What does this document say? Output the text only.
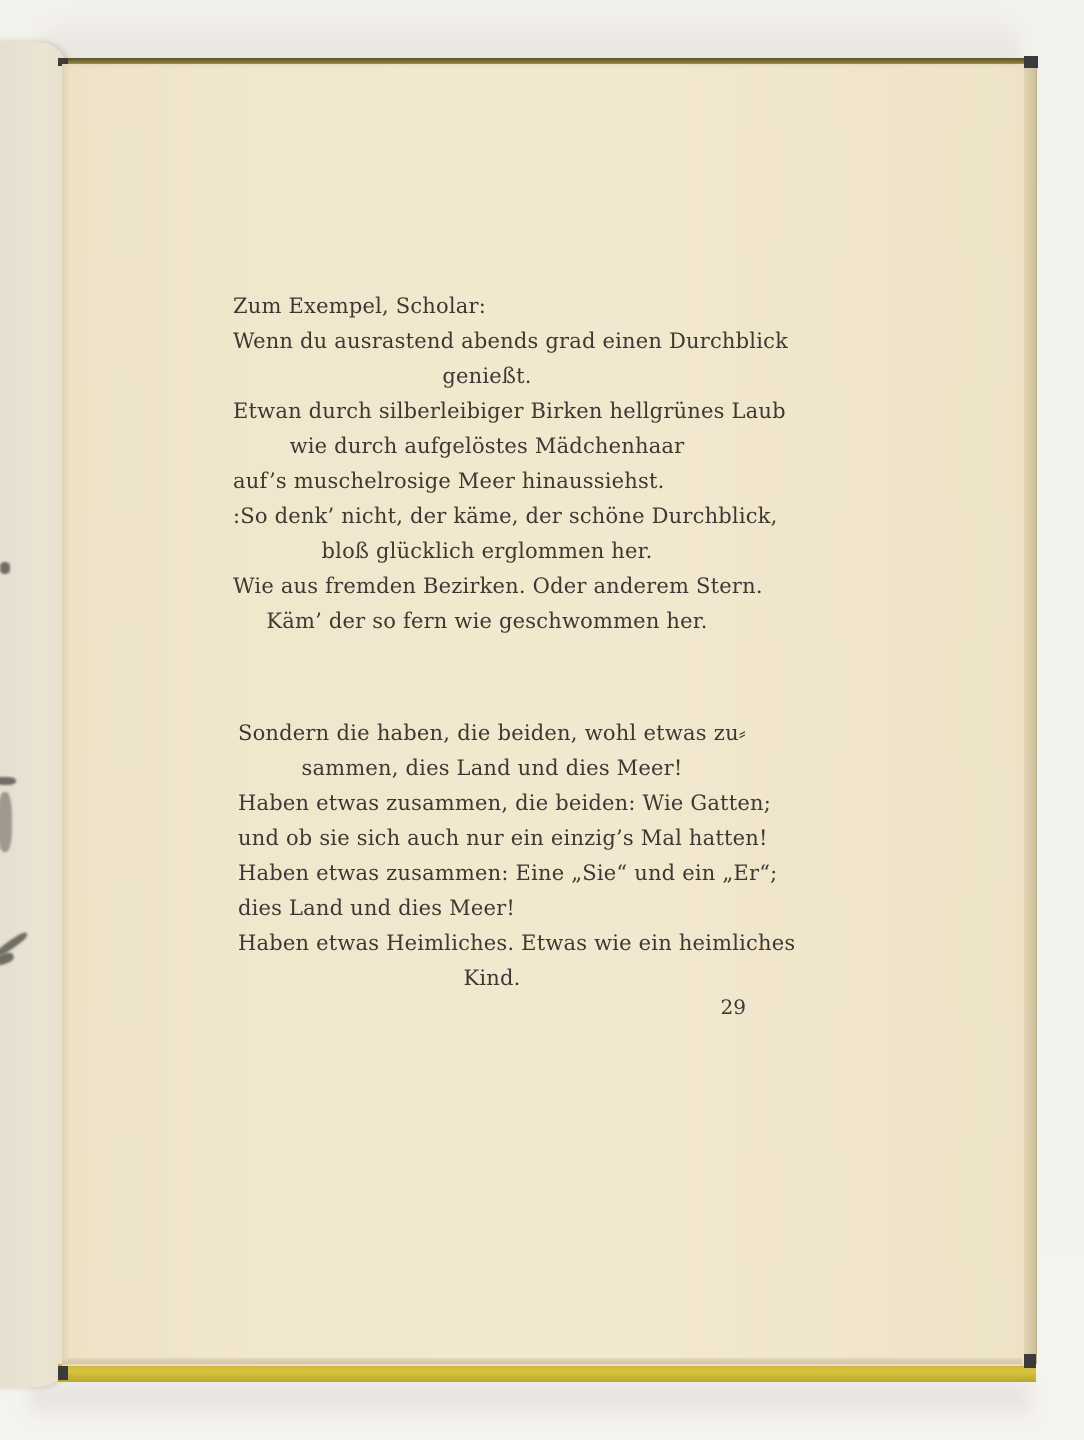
Zum Exempel, Scholar:
Wenn du ausrastend abends grad einen Durchblick
genießt.
Etwan durch silberleibiger Birken hellgrünes Laub
wie durch aufgelöstes Mädchenhaar
auf’s muschelrosige Meer hinaussiehst.
:So denk’ nicht, der käme, der schöne Durchblick,
bloß glücklich erglommen her.
Wie aus fremden Bezirken. Oder anderem Stern.
Käm’ der so fern wie geschwommen her.
Sondern die haben, die beiden, wohl etwas zu⸗
sammen, dies Land und dies Meer!
Haben etwas zusammen, die beiden: Wie Gatten;
und ob sie sich auch nur ein einzig’s Mal hatten!
Haben etwas zusammen: Eine „Sie“ und ein „Er“;
dies Land und dies Meer!
Haben etwas Heimliches. Etwas wie ein heimliches
Kind.
29
